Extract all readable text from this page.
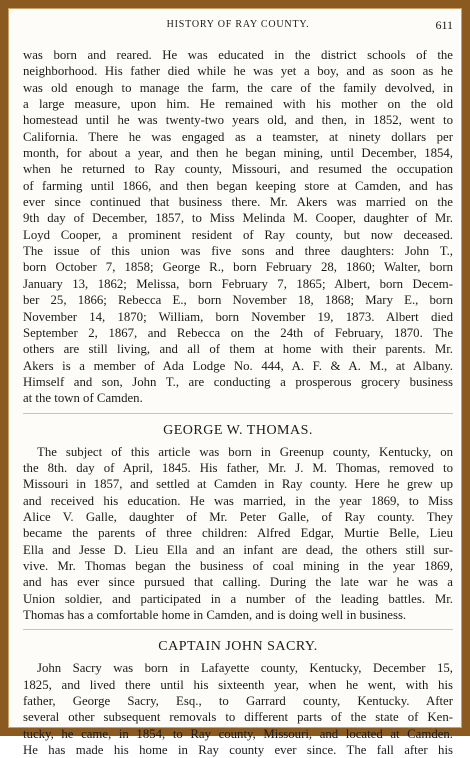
HISTORY OF RAY COUNTY.	611
was born and reared. He was educated in the district schools of the
neighborhood. His father died while he was yet a boy, and as soon as he
was old enough to manage the farm, the care of the family devolved, in
a large measure, upon him. He remained with his mother on the old
homestead until he was twenty-two years old, and then, in 1852, went to
California. There he was engaged as a teamster, at ninety dollars per
month, for about a year, and then he began mining, until December, 1854,
when he returned to Ray county, Missouri, and resumed the occupation
of farming until 1866, and then began keeping store at Camden, and has
ever since continued that business there. Mr. Akers was married on the
9th day of December, 1857, to Miss Melinda M. Cooper, daughter of Mr.
Loyd Cooper, a prominent resident of Ray county, but now deceased.
The issue of this union was five sons and three daughters: John T.,
born October 7, 1858; George R., born February 28, 1860; Walter, born
January 13, 1862; Melissa, born February 7, 1865; Albert, born Decem-
ber 25, 1866; Rebecca E., born November 18, 1868; Mary E., born
November 14, 1870; William, born November 19, 1873. Albert died
September 2, 1867, and Rebecca on the 24th of February, 1870. The
others are still living, and all of them at home with their parents. Mr.
Akers is a member of Ada Lodge No. 444, A. F. & A. M., at Albany.
Himself and son, John T., are conducting a prosperous grocery business
at the town of Camden.
GEORGE W. THOMAS.
The subject of this article was born in Greenup county, Kentucky, on
the 8th. day of April, 1845. His father, Mr. J. M. Thomas, removed to
Missouri in 1857, and settled at Camden in Ray county. Here he grew up
and received his education. He was married, in the year 1869, to Miss
Alice V. Galle, daughter of Mr. Peter Galle, of Ray county. They
became the parents of three children: Alfred Edgar, Murtie Belle, Lieu
Ella and Jesse D. Lieu Ella and an infant are dead, the others still sur-
vive. Mr. Thomas began the business of coal mining in the year 1869,
and has ever since pursued that calling. During the late war he was a
Union soldier, and participated in a number of the leading battles. Mr.
Thomas has a comfortable home in Camden, and is doing well in business.
CAPTAIN JOHN SACRY.
John Sacry was born in Lafayette county, Kentucky, December 15,
1825, and lived there until his sixteenth year, when he went, with his
father, George Sacry, Esq., to Garrard county, Kentucky. After
several other subsequent removals to different parts of the state of Ken-
tucky, he came, in 1854, to Ray county, Missouri, and located at Camden.
He has made his home in Ray county ever since. The fall after his
